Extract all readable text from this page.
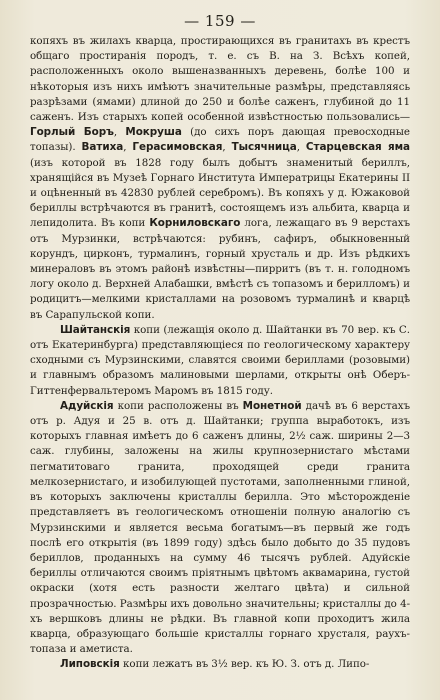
— 159 —

копяхъ въ жилахъ кварца, простирающихся въ гранитахъ въ крестъ общаго простиранія породъ, т. е. съ В. на З. Всѣхъ копей, расположенныхъ около вышеназванныхъ деревень, болѣе 100 и нѣкоторыя изъ нихъ имѣютъ значительные размѣры, представляясь разрѣзами (ямами) длиной до 250 и болѣе саженъ, глубиной до 11 саженъ. Изъ старыхъ копей особенной извѣстностью пользовались—Горлый Боръ, Мокруша (до сихъ поръ дающая превосходные топазы). Ватиха, Герасимовская, Тысячница, Старцевская яма (изъ которой въ 1828 году былъ добытъ знаменитый бериллъ, хранящійся въ Музеѣ Горнаго Института Императрицы Екатерины II и оцѣненный въ 42830 рублей серебромъ). Въ копяхъ у д. Южаковой бериллы встрѣчаются въ гранитѣ, состоящемъ изъ альбита, кварца и лепидолита. Въ копи Корниловскаго лога, лежащаго въ 9 верстахъ отъ Мурзинки, встрѣчаются: рубинъ, сафиръ, обыкновенный корундъ, цирконъ, турмалинъ, горный хрусталь и др. Изъ рѣдкихъ минераловъ въ этомъ районѣ извѣстны—пирритъ (въ т. н. голодномъ логу около д. Верхней Алабашки, вмѣстѣ съ топазомъ и берилломъ) и родицитъ—мелкими кристаллами на розовомъ турмалинѣ и кварцѣ въ Сарапульской копи.

Шайтанскія копи (лежащія около д. Шайтанки въ 70 вер. къ С. отъ Екатеринбурга) представляющіеся по геологическому характеру сходными съ Мурзинскими, славятся своими бериллами (розовыми) и главнымъ образомъ малиновыми шерлами, открыты онѣ Оберъ-Гиттенфервальтеромъ Маромъ въ 1815 году.

Адуйскія копи расположены въ Монетной дачѣ въ 6 верстахъ отъ р. Адуя и 25 в. отъ д. Шайтанки; группа выработокъ, изъ которыхъ главная имѣетъ до 6 саженъ длины, 2½ саж. ширины 2—3 саж. глубины, заложены на жилы крупнозернистаго мѣстами пегматитоваго гранита, проходящей среди гранита мелкозернистаго, и изобилующей пустотами, заполненными глиной, въ которыхъ заключены кристаллы берилла. Это мѣсторожденіе представляетъ въ геологическомъ отношеніи полную аналогію съ Мурзинскими и является весьма богатымъ—въ первый же годъ послѣ его открытія (въ 1899 году) здѣсь было добыто до 35 пудовъ бериллов, проданныхъ на сумму 46 тысячъ рублей. Адуйскіе бериллы отличаются своимъ пріятнымъ цвѣтомъ аквамарина, густой окраски (хотя есть разности желтаго цвѣта) и сильной прозрачностью. Размѣры ихъ довольно значительны; кристаллы до 4-хъ вершковъ длины не рѣдки. Въ главной копи проходитъ жила кварца, образующаго большіе кристаллы горнаго хрусталя, раухъ-топаза и аметиста.

Липовскія копи лежатъ въ 3½ вер. къ Ю. З. отъ д. Липо-
